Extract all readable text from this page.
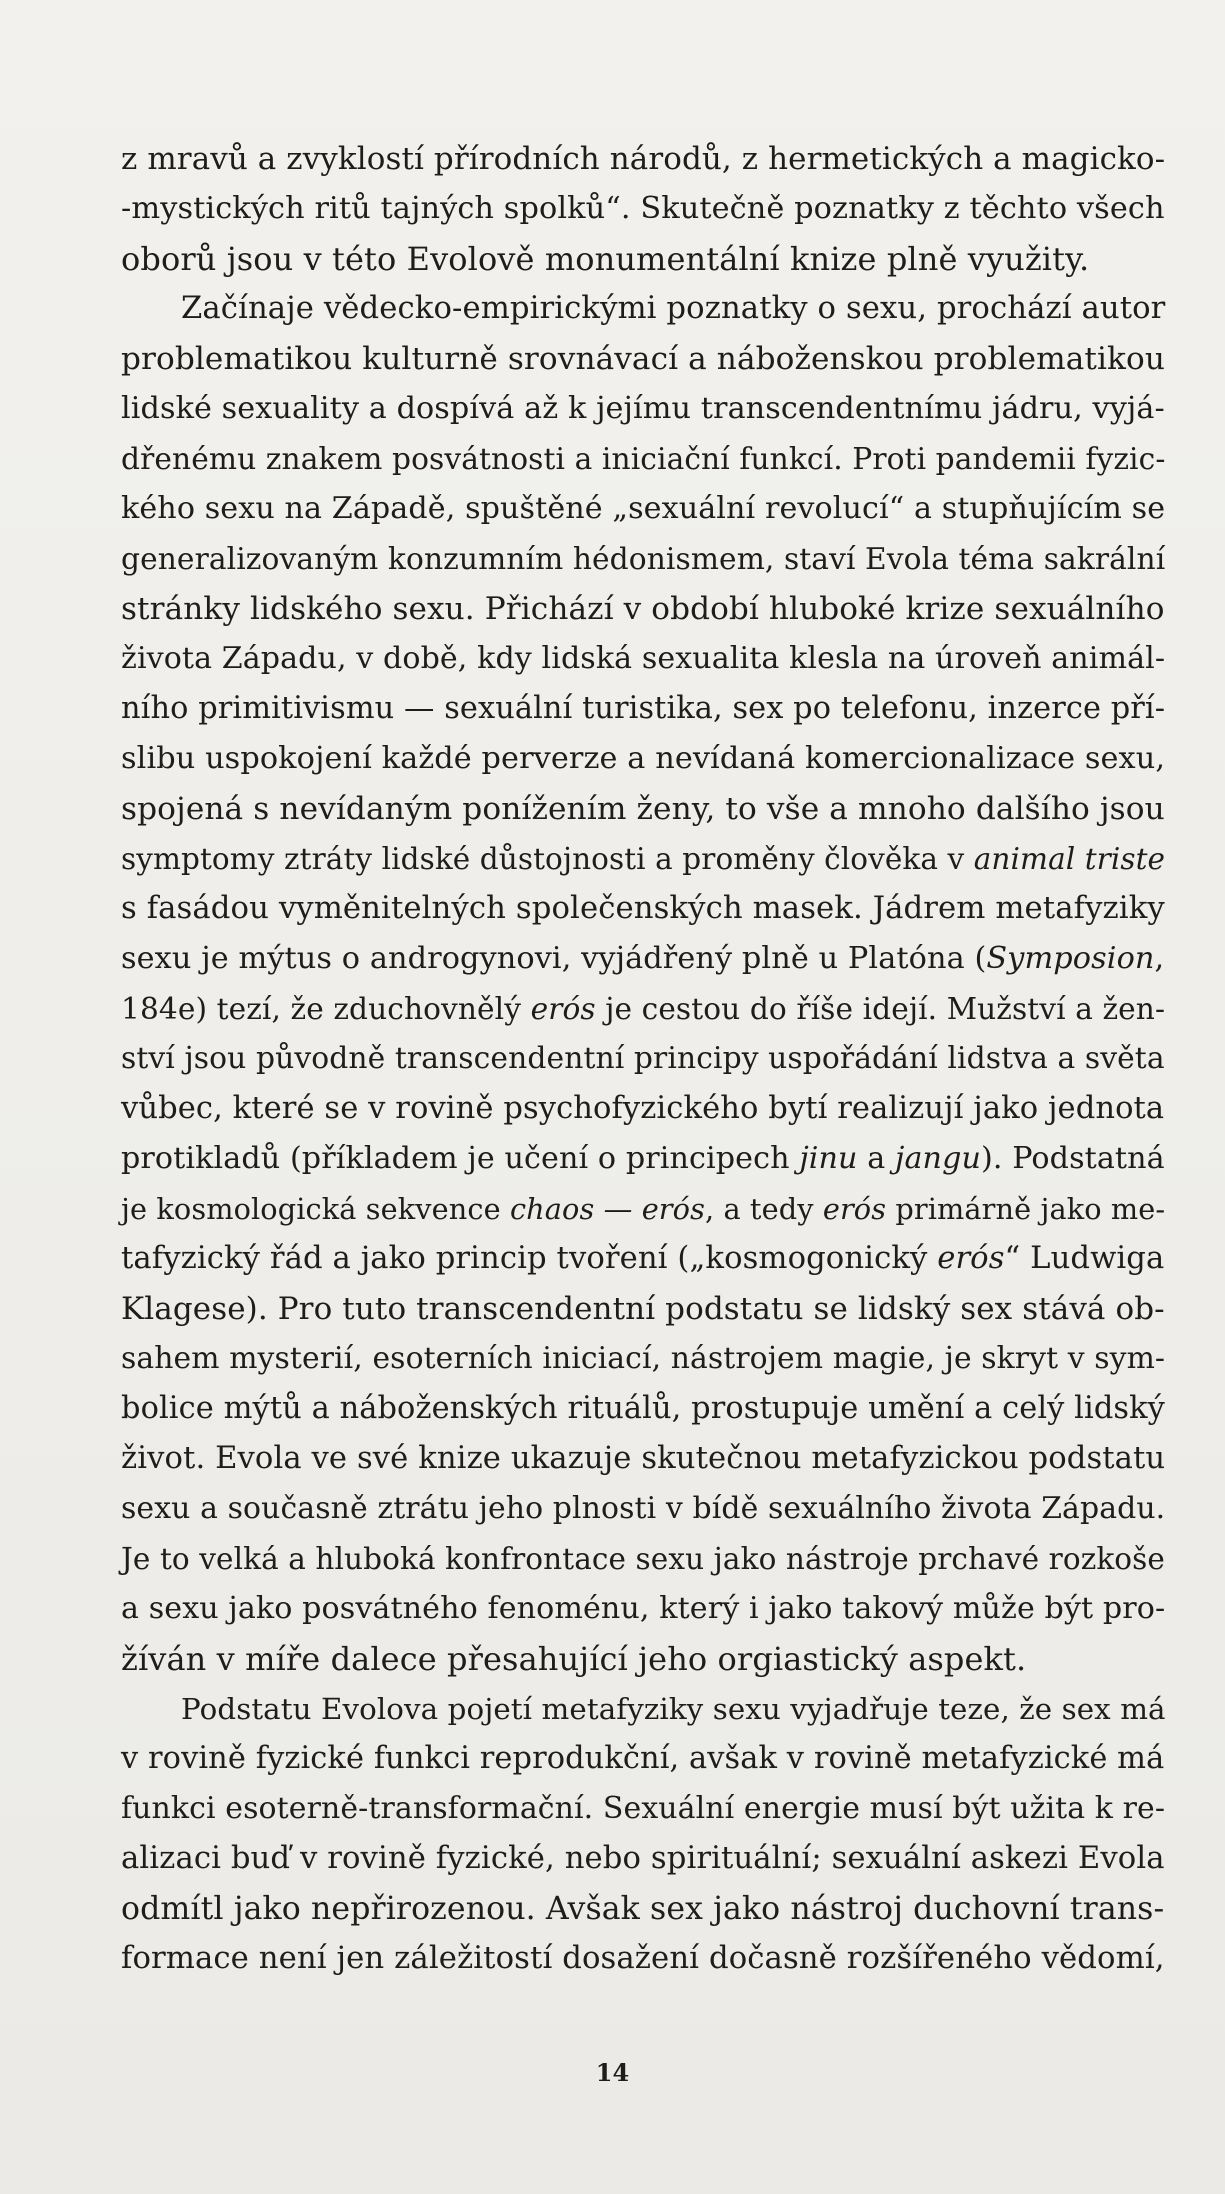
z mravů a zvyklostí přírodních národů, z hermetických a magicko-
-mystických ritů tajných spolků“. Skutečně poznatky z těchto všech
oborů jsou v této Evolově monumentální knize plně využity.
Začínaje vědecko-empirickými poznatky o sexu, prochází autor
problematikou kulturně srovnávací a náboženskou problematikou
lidské sexuality a dospívá až k jejímu transcendentnímu jádru, vyjá-
dřenému znakem posvátnosti a iniciační funkcí. Proti pandemii fyzic-
kého sexu na Západě, spuštěné „sexuální revolucí“ a stupňujícím se
generalizovaným konzumním hédonismem, staví Evola téma sakrální
stránky lidského sexu. Přichází v období hluboké krize sexuálního
života Západu, v době, kdy lidská sexualita klesla na úroveň animál-
ního primitivismu — sexuální turistika, sex po telefonu, inzerce pří-
slibu uspokojení každé perverze a nevídaná komercionalizace sexu,
spojená s nevídaným ponížením ženy, to vše a mnoho dalšího jsou
symptomy ztráty lidské důstojnosti a proměny člověka v animal triste
s fasádou vyměnitelných společenských masek. Jádrem metafyziky
sexu je mýtus o androgynovi, vyjádřený plně u Platóna (Symposion,
184e) tezí, že zduchovnělý erós je cestou do říše idejí. Mužství a žen-
ství jsou původně transcendentní principy uspořádání lidstva a světa
vůbec, které se v rovině psychofyzického bytí realizují jako jednota
protikladů (příkladem je učení o principech jinu a jangu). Podstatná
je kosmologická sekvence chaos — erós, a tedy erós primárně jako me-
tafyzický řád a jako princip tvoření („kosmogonický erós“ Ludwiga
Klagese). Pro tuto transcendentní podstatu se lidský sex stává ob-
sahem mysterií, esoterních iniciací, nástrojem magie, je skryt v sym-
bolice mýtů a náboženských rituálů, prostupuje umění a celý lidský
život. Evola ve své knize ukazuje skutečnou metafyzickou podstatu
sexu a současně ztrátu jeho plnosti v bídě sexuálního života Západu.
Je to velká a hluboká konfrontace sexu jako nástroje prchavé rozkoše
a sexu jako posvátného fenoménu, který i jako takový může být pro-
žíván v míře dalece přesahující jeho orgiastický aspekt.
Podstatu Evolova pojetí metafyziky sexu vyjadřuje teze, že sex má
v rovině fyzické funkci reprodukční, avšak v rovině metafyzické má
funkci esoterně-transformační. Sexuální energie musí být užita k re-
alizaci buď v rovině fyzické, nebo spirituální; sexuální askezi Evola
odmítl jako nepřirozenou. Avšak sex jako nástroj duchovní trans-
formace není jen záležitostí dosažení dočasně rozšířeného vědomí,
14
